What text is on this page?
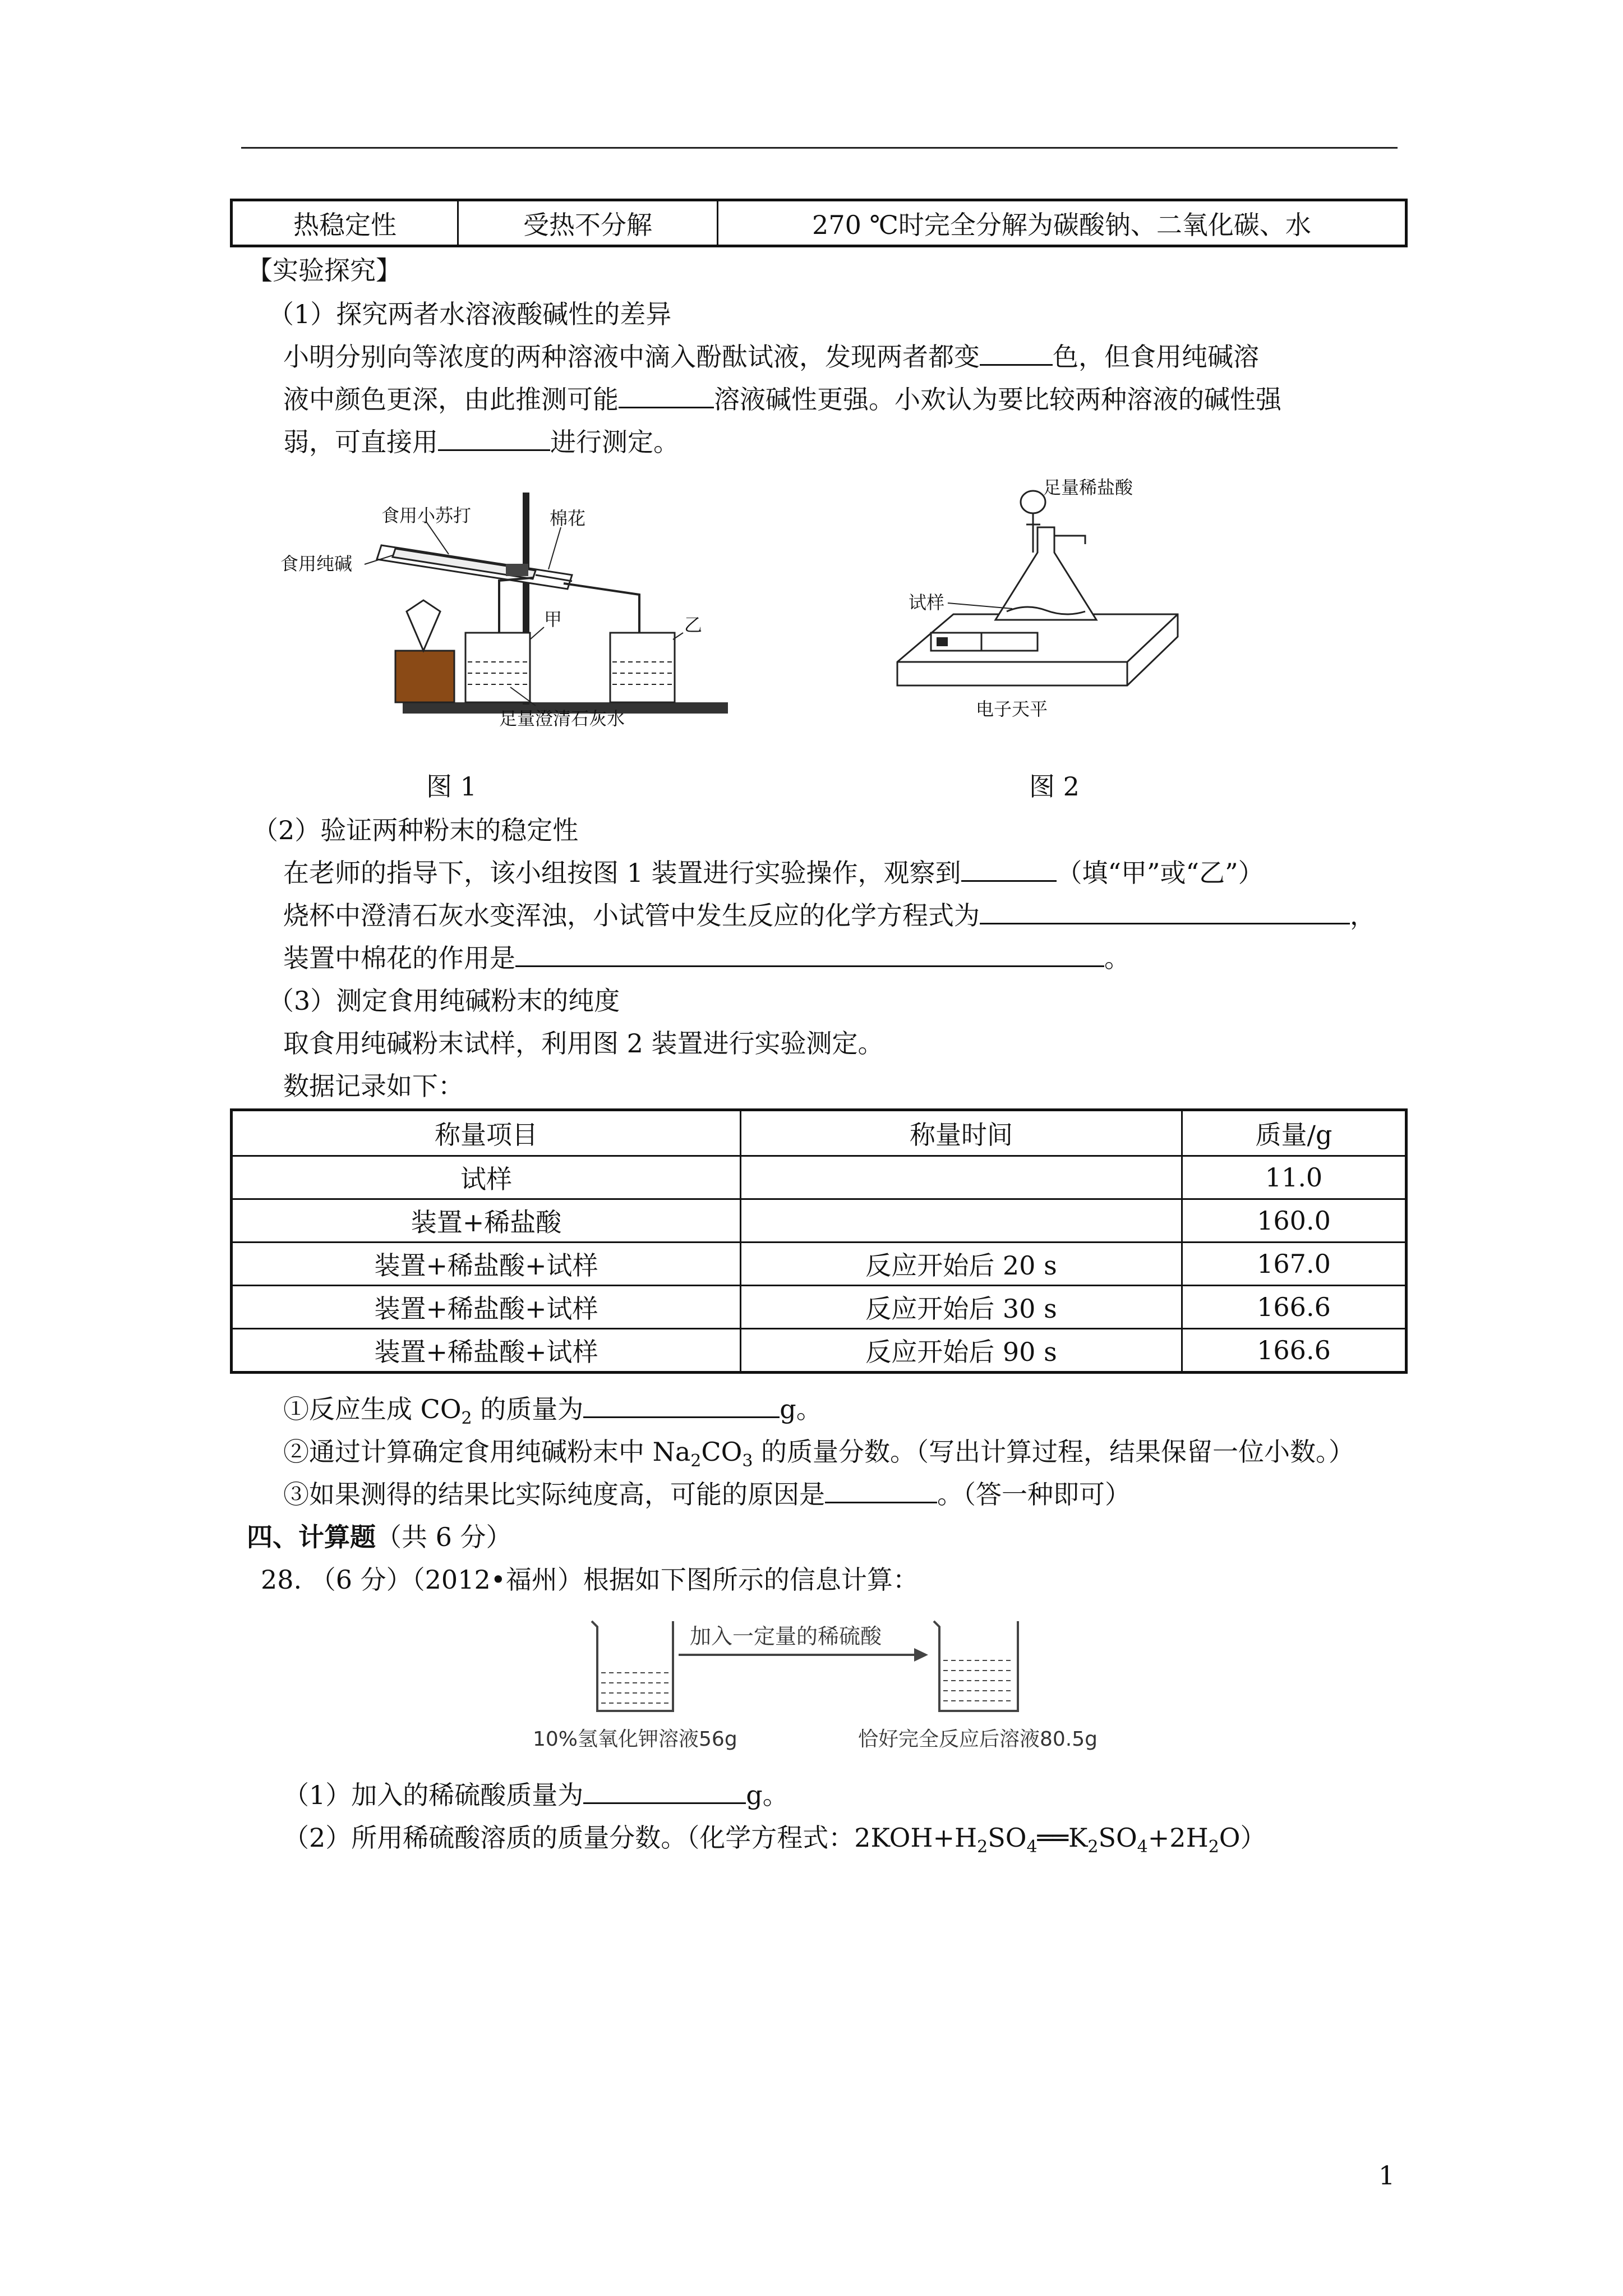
热稳定性	受热不分解	270 ℃时完全分解为碳酸钠、二氧化碳、水
【实验探究】
（1）探究两者水溶液酸碱性的差异
小明分别向等浓度的两种溶液中滴入酚酞试液，发现两者都变	色，但食用纯碱溶
液中颜色更深，由此推测可能	溶液碱性更强。小欢认为要比较两种溶液的碱性强
弱，可直接用	进行测定。
食用小苏打	棉花
食用纯碱
甲	乙
足量澄清石灰水
足量稀盐酸
试样
电子天平
图 1	图 2
（2）验证两种粉末的稳定性
在老师的指导下，该小组按图 1 装置进行实验操作，观察到	（填“甲”或“乙”）
烧杯中澄清石灰水变浑浊，小试管中发生反应的化学方程式为	，
装置中棉花的作用是	。
（3）测定食用纯碱粉末的纯度
取食用纯碱粉末试样，利用图 2 装置进行实验测定。
数据记录如下：
称量项目	称量时间	质量/g
试样		11.0
装置+稀盐酸		160.0
装置+稀盐酸+试样	反应开始后 20 s	167.0
装置+稀盐酸+试样	反应开始后 30 s	166.6
装置+稀盐酸+试样	反应开始后 90 s	166.6
①反应生成 $CO_2$ 的质量为	g。
②通过计算确定食用纯碱粉末中 $Na_2CO_3$ 的质量分数。（写出计算过程，结果保留一位小数。）
③如果测得的结果比实际纯度高，可能的原因是	。（答一种即可）
四、计算题（共 6 分）
28. （6 分）（2012•福州）根据如下图所示的信息计算：
加入一定量的稀硫酸
10%氢氧化钾溶液56g	恰好完全反应后溶液80.5g
（1）加入的稀硫酸质量为	g。
（2）所用稀硫酸溶质的质量分数。（化学方程式：$2KOH+H_2SO_4══K_2SO_4+2H_2O$）
1
